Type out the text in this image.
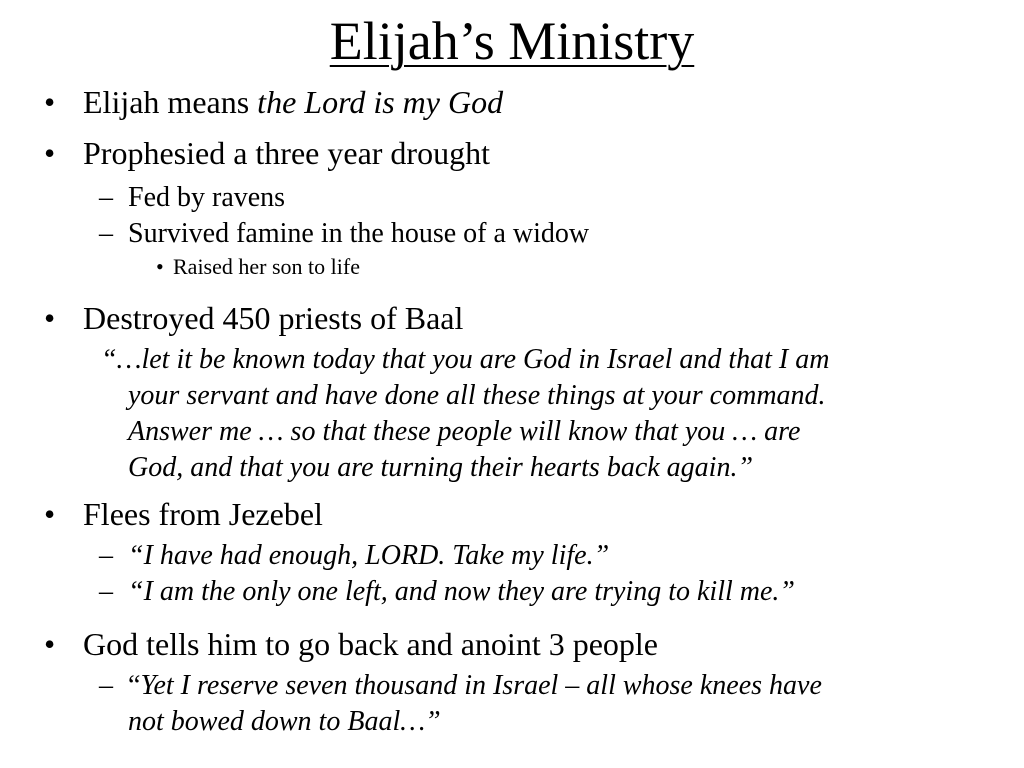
Elijah’s Ministry
• Elijah means the Lord is my God
• Prophesied a three year drought
– Fed by ravens
– Survived famine in the house of a widow
• Raised her son to life
• Destroyed 450 priests of Baal
“…let it be known today that you are God in Israel and that I am
your servant and have done all these things at your command.
Answer me … so that these people will know that you … are
God, and that you are turning their hearts back again.”
• Flees from Jezebel
– “I have had enough, LORD. Take my life.”
– “I am the only one left, and now they are trying to kill me.”
• God tells him to go back and anoint 3 people
– “Yet I reserve seven thousand in Israel – all whose knees have
not bowed down to Baal…”
